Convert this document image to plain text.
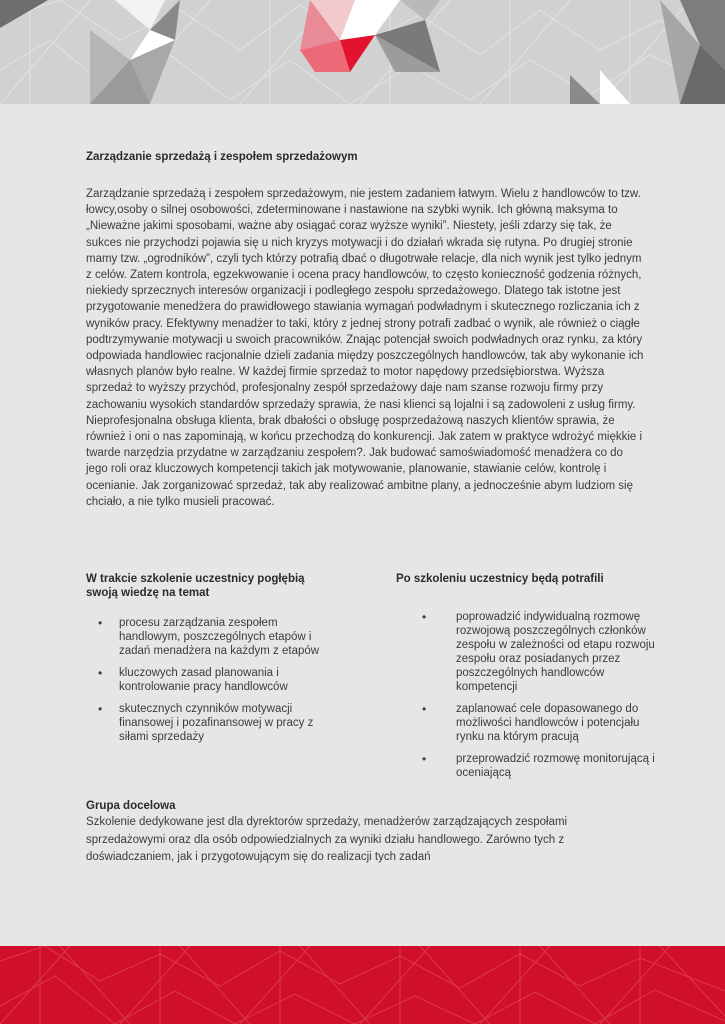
Zarządzanie sprzedażą i zespołem sprzedażowym

Zarządzanie sprzedażą i zespołem sprzedażowym, nie jestem zadaniem łatwym. Wielu z handlowców to tzw. łowcy,osoby o silnej osobowości, zdeterminowane i nastawione na szybki wynik. Ich główną maksyma to „Nieważne jakimi sposobami, ważne aby osiągać coraz wyższe wyniki”. Niestety, jeśli zdarzy się tak, że sukces nie przychodzi pojawia się u nich kryzys motywacji i do działań wkrada się rutyna. Po drugiej stronie mamy tzw. „ogrodników”, czyli tych którzy potrafią dbać o długotrwałe relacje, dla nich wynik jest tylko jednym z celów. Zatem kontrola, egzekwowanie i ocena pracy handlowców, to często konieczność godzenia różnych, niekiedy sprzecznych interesów organizacji i podległego zespołu sprzedażowego. Dlatego tak istotne jest przygotowanie menedżera do prawidłowego stawiania wymagań podwładnym i skutecznego rozliczania ich z wyników pracy. Efektywny menadżer to taki, który z jednej strony potrafi zadbać o wynik, ale również o ciągłe podtrzymywanie motywacji u swoich pracowników. Znając potencjał swoich podwładnych oraz rynku, za który odpowiada handlowiec racjonalnie dzieli zadania między poszczególnych handlowców, tak aby wykonanie ich własnych planów było realne. W każdej firmie sprzedaż to motor napędowy przedsiębiorstwa. Wyższa sprzedaż to wyższy przychód, profesjonalny zespół sprzedażowy daje nam szanse rozwoju firmy przy zachowaniu wysokich standardów sprzedaży sprawia, że nasi klienci są lojalni i są zadowoleni z usług firmy. Nieprofesjonalna obsługa klienta, brak dbałości o obsługę posprzedażową naszych klientów sprawia, że również i oni o nas zapominają, w końcu przechodzą do konkurencji. Jak zatem w praktyce wdrożyć miękkie i twarde narzędzia przydatne w zarządzaniu zespołem?. Jak budować samoświadomość menadżera co do jego roli oraz kluczowych kompetencji takich jak motywowanie, planowanie, stawianie celów, kontrolę i ocenianie. Jak zorganizować sprzedaż, tak aby realizować ambitne plany, a jednocześnie abym ludziom się chciało, a nie tylko musieli pracować.

W trakcie szkolenie uczestnicy pogłębią swoją wiedzę na temat
• procesu zarządzania zespołem handlowym, poszczególnych etapów i zadań menadżera na każdym z etapów
• kluczowych zasad planowania i kontrolowanie pracy handlowców
• skutecznych czynników motywacji finansowej i pozafinansowej w pracy z siłami sprzedaży
Po szkoleniu uczestnicy będą potrafili
•	poprowadzić indywidualną rozmowę rozwojową poszczególnych członków zespołu w zależności od etapu rozwoju zespołu oraz posiadanych przez poszczególnych handlowców kompetencji
•	zaplanować cele dopasowanego do możliwości handlowców i potencjału rynku na którym pracują
•	przeprowadzić rozmowę monitorującą i oceniającą
Grupa docelowa

Szkolenie dedykowane jest dla dyrektorów sprzedaży, menadżerów zarządzających zespołami sprzedażowymi oraz dla osób odpowiedzialnych za wyniki działu handlowego. Zarówno tych z doświadczaniem, jak i przygotowującym się do realizacji tych zadań
